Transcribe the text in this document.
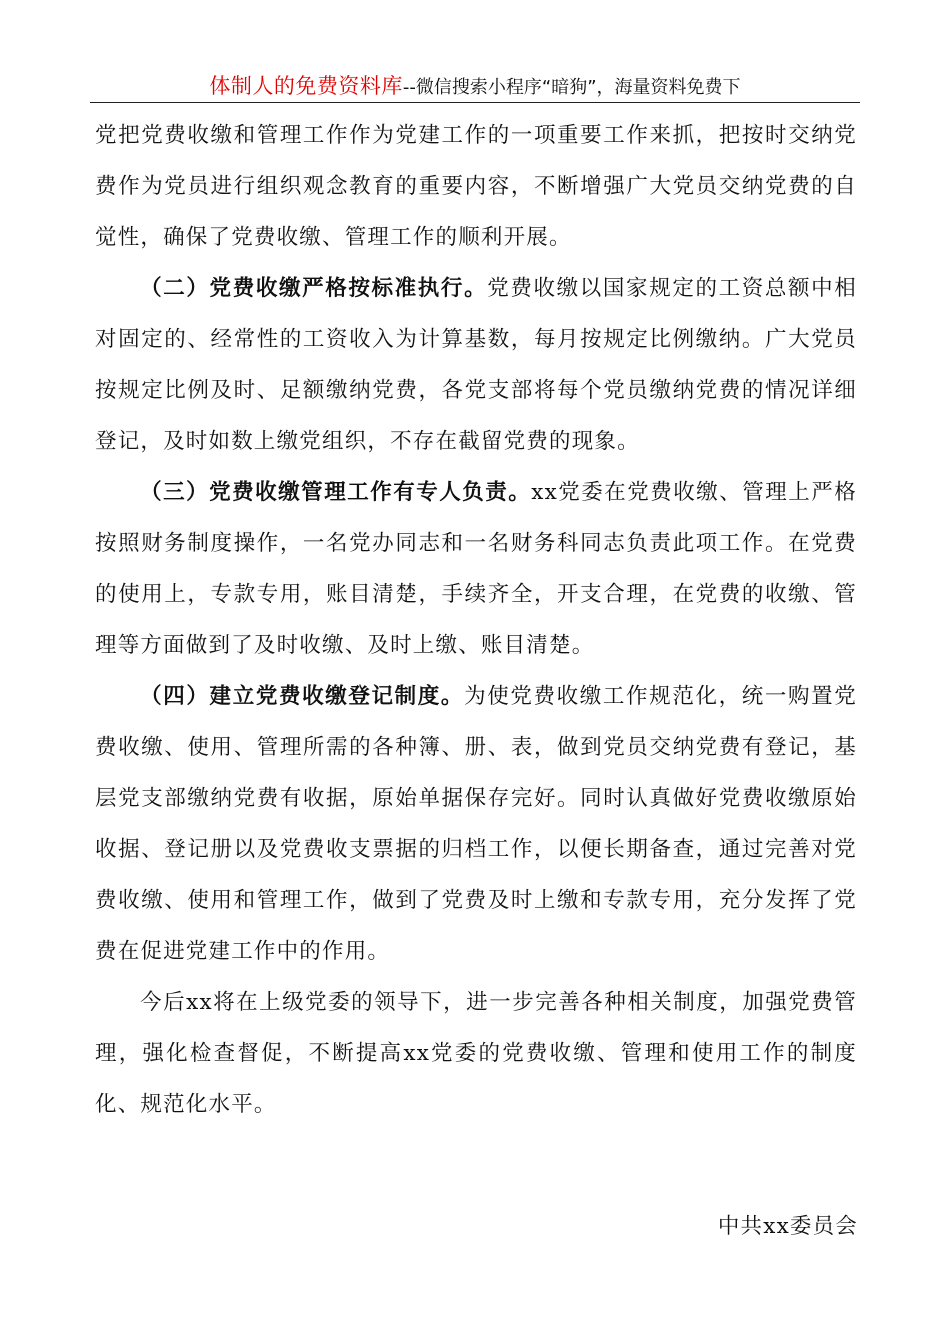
体制人的免费资料库--微信搜索小程序“暗狗”，海量资料免费下

党把党费收缴和管理工作作为党建工作的一项重要工作来抓，把按时交纳党费作为党员进行组织观念教育的重要内容，不断增强广大党员交纳党费的自觉性，确保了党费收缴、管理工作的顺利开展。

（二）党费收缴严格按标准执行。党费收缴以国家规定的工资总额中相对固定的、经常性的工资收入为计算基数，每月按规定比例缴纳。广大党员按规定比例及时、足额缴纳党费，各党支部将每个党员缴纳党费的情况详细登记，及时如数上缴党组织，不存在截留党费的现象。

（三）党费收缴管理工作有专人负责。xx党委在党费收缴、管理上严格按照财务制度操作，一名党办同志和一名财务科同志负责此项工作。在党费的使用上，专款专用，账目清楚，手续齐全，开支合理，在党费的收缴、管理等方面做到了及时收缴、及时上缴、账目清楚。

（四）建立党费收缴登记制度。为使党费收缴工作规范化，统一购置党费收缴、使用、管理所需的各种簿、册、表，做到党员交纳党费有登记，基层党支部缴纳党费有收据，原始单据保存完好。同时认真做好党费收缴原始收据、登记册以及党费收支票据的归档工作，以便长期备查，通过完善对党费收缴、使用和管理工作，做到了党费及时上缴和专款专用，充分发挥了党费在促进党建工作中的作用。

今后xx将在上级党委的领导下，进一步完善各种相关制度，加强党费管理，强化检查督促，不断提高xx党委的党费收缴、管理和使用工作的制度化、规范化水平。

中共xx委员会
